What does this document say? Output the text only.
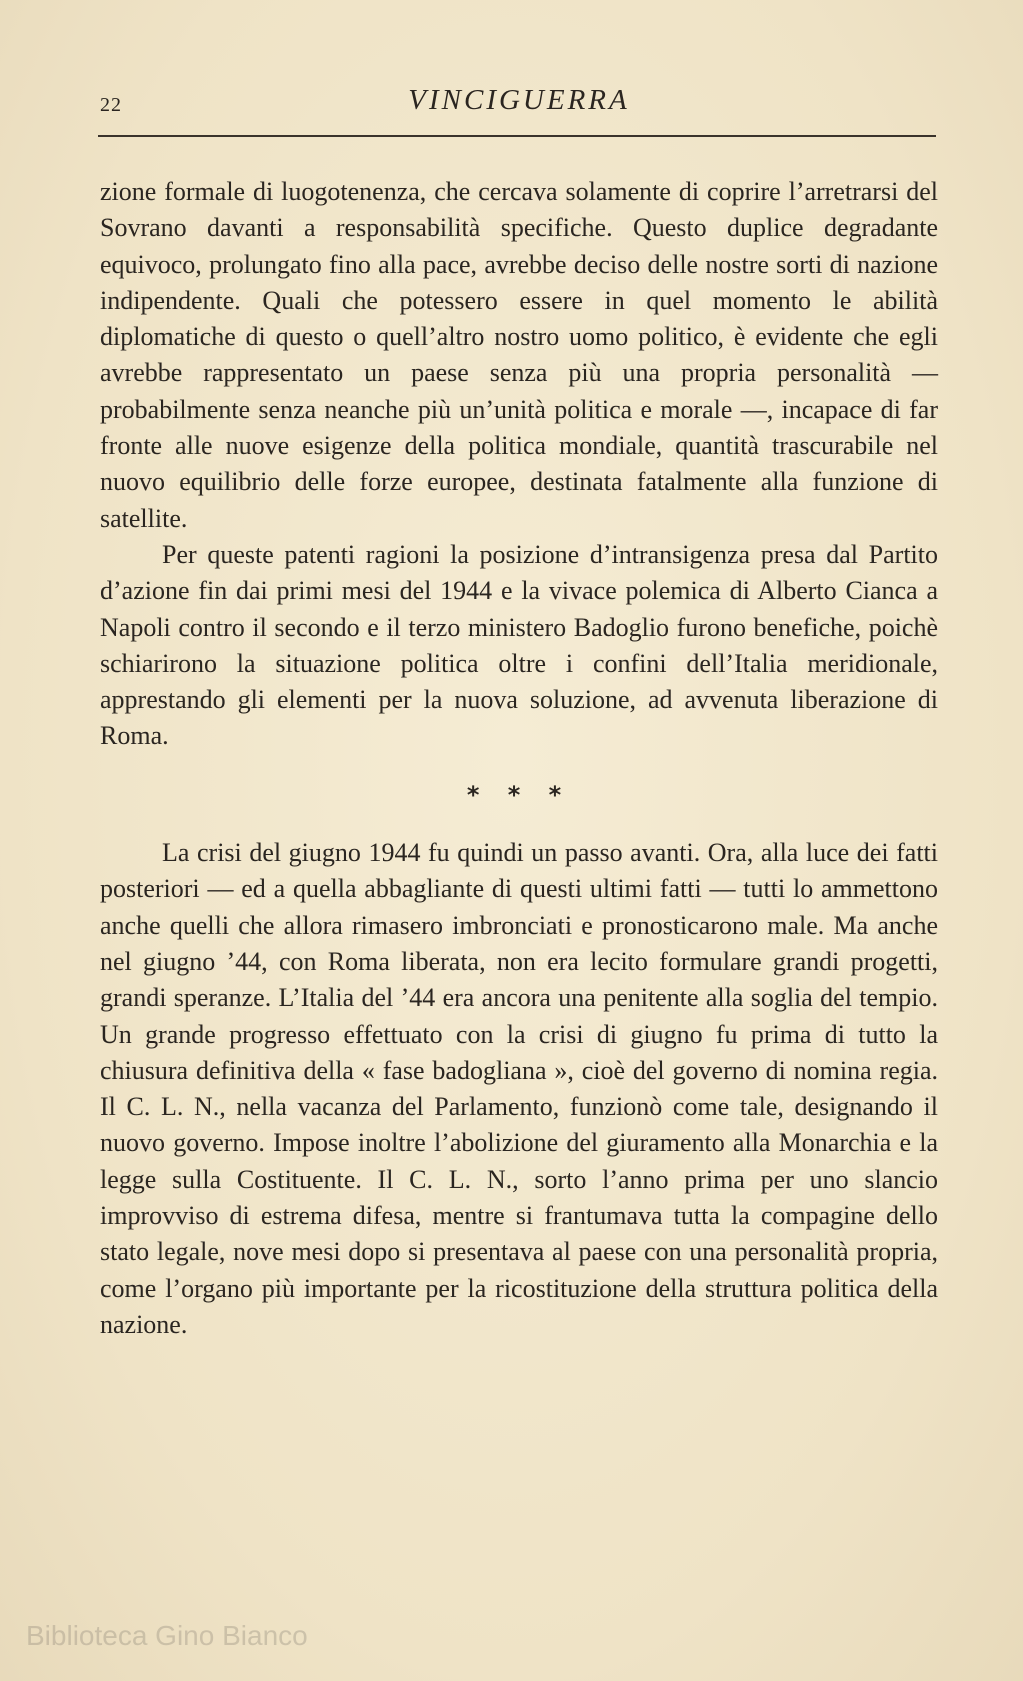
22	VINCIGUERRA

zione formale di luogotenenza, che cercava solamente di coprire l’arretrarsi del Sovrano davanti a responsabilità specifiche. Questo duplice degradante equivoco, prolungato fino alla pace, avrebbe deciso delle nostre sorti di nazione indipendente. Quali che potessero essere in quel momento le abilità diplomatiche di questo o quell’altro nostro uomo politico, è evidente che egli avrebbe rappresentato un paese senza più una propria personalità — probabilmente senza neanche più un’unità politica e morale —, incapace di far fronte alle nuove esigenze della politica mondiale, quantità trascurabile nel nuovo equilibrio delle forze europee, destinata fatalmente alla funzione di satellite.

Per queste patenti ragioni la posizione d’intransigenza presa dal Partito d’azione fin dai primi mesi del 1944 e la vivace polemica di Alberto Cianca a Napoli contro il secondo e il terzo ministero Badoglio furono benefiche, poichè schiarirono la situazione politica oltre i confini dell’Italia meridionale, apprestando gli elementi per la nuova soluzione, ad avvenuta liberazione di Roma.

* * *

La crisi del giugno 1944 fu quindi un passo avanti. Ora, alla luce dei fatti posteriori — ed a quella abbagliante di questi ultimi fatti — tutti lo ammettono anche quelli che allora rimasero imbronciati e pronosticarono male. Ma anche nel giugno ’44, con Roma liberata, non era lecito formulare grandi progetti, grandi speranze. L’Italia del ’44 era ancora una penitente alla soglia del tempio. Un grande progresso effettuato con la crisi di giugno fu prima di tutto la chiusura definitiva della « fase badogliana », cioè del governo di nomina regia. Il C. L. N., nella vacanza del Parlamento, funzionò come tale, designando il nuovo governo. Impose inoltre l’abolizione del giuramento alla Monarchia e la legge sulla Costituente. Il C. L. N., sorto l’anno prima per uno slancio improvviso di estrema difesa, mentre si frantumava tutta la compagine dello stato legale, nove mesi dopo si presentava al paese con una personalità propria, come l’organo più importante per la ricostituzione della struttura politica della nazione.

Biblioteca Gino Bianco
